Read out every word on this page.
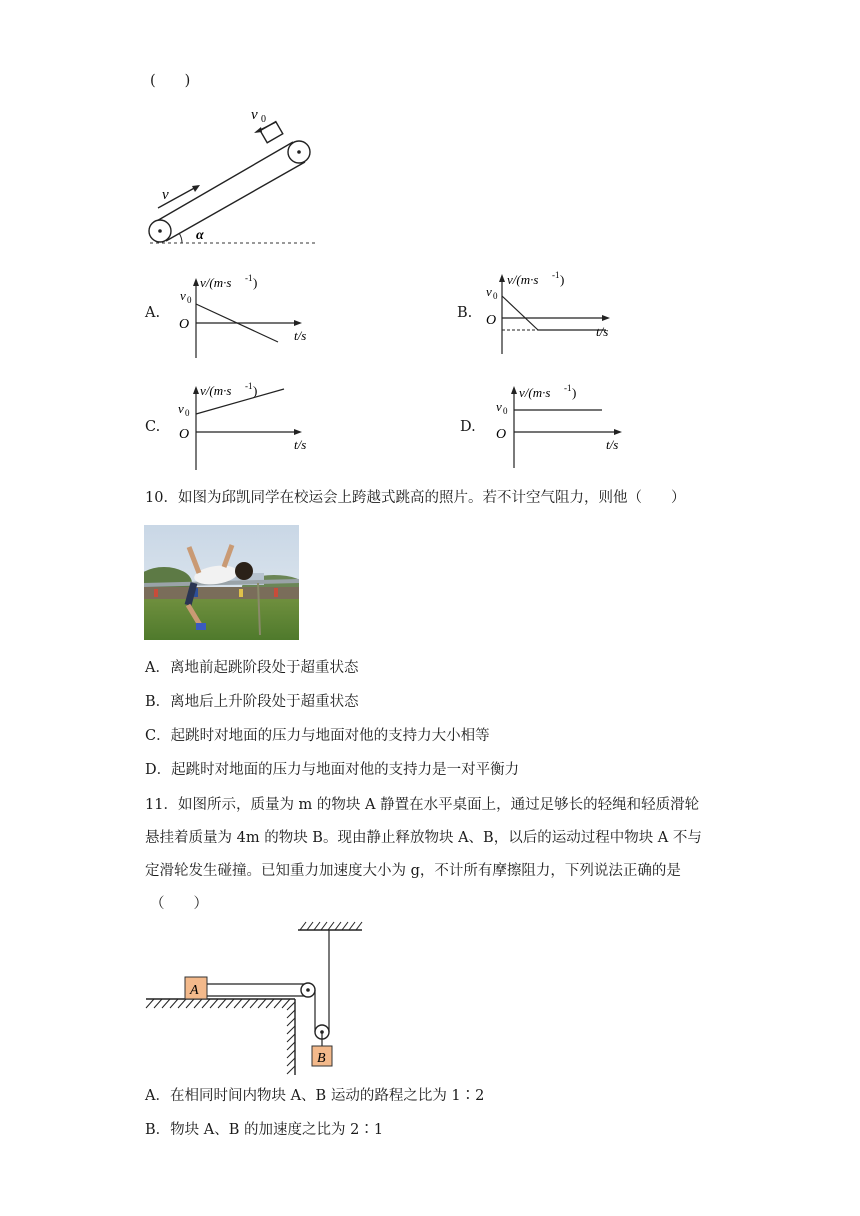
(　　)
v 0
v
α
A.
v/(m·s -1 )
v 0
O
t/s
B.
v/(m·s -1 )
v 0
O
t/s
C.
v/(m·s -1 )
v 0
O
t/s
D.
v/(m·s -1 )
v 0
O
t/s
10．如图为邱凯同学在校运会上跨越式跳高的照片。若不计空气阻力，则他（　　）
A．离地前起跳阶段处于超重状态
B．离地后上升阶段处于超重状态
C．起跳时对地面的压力与地面对他的支持力大小相等
D．起跳时对地面的压力与地面对他的支持力是一对平衡力
11．如图所示，质量为 m 的物块 A 静置在水平桌面上，通过足够长的轻绳和轻质滑轮
悬挂着质量为 4m 的物块 B。现由静止释放物块 A、B，以后的运动过程中物块 A 不与
定滑轮发生碰撞。已知重力加速度大小为 g，不计所有摩擦阻力，下列说法正确的是
（　　）
A
B
A．在相同时间内物块 A、B 运动的路程之比为 1∶2
B．物块 A、B 的加速度之比为 2∶1
